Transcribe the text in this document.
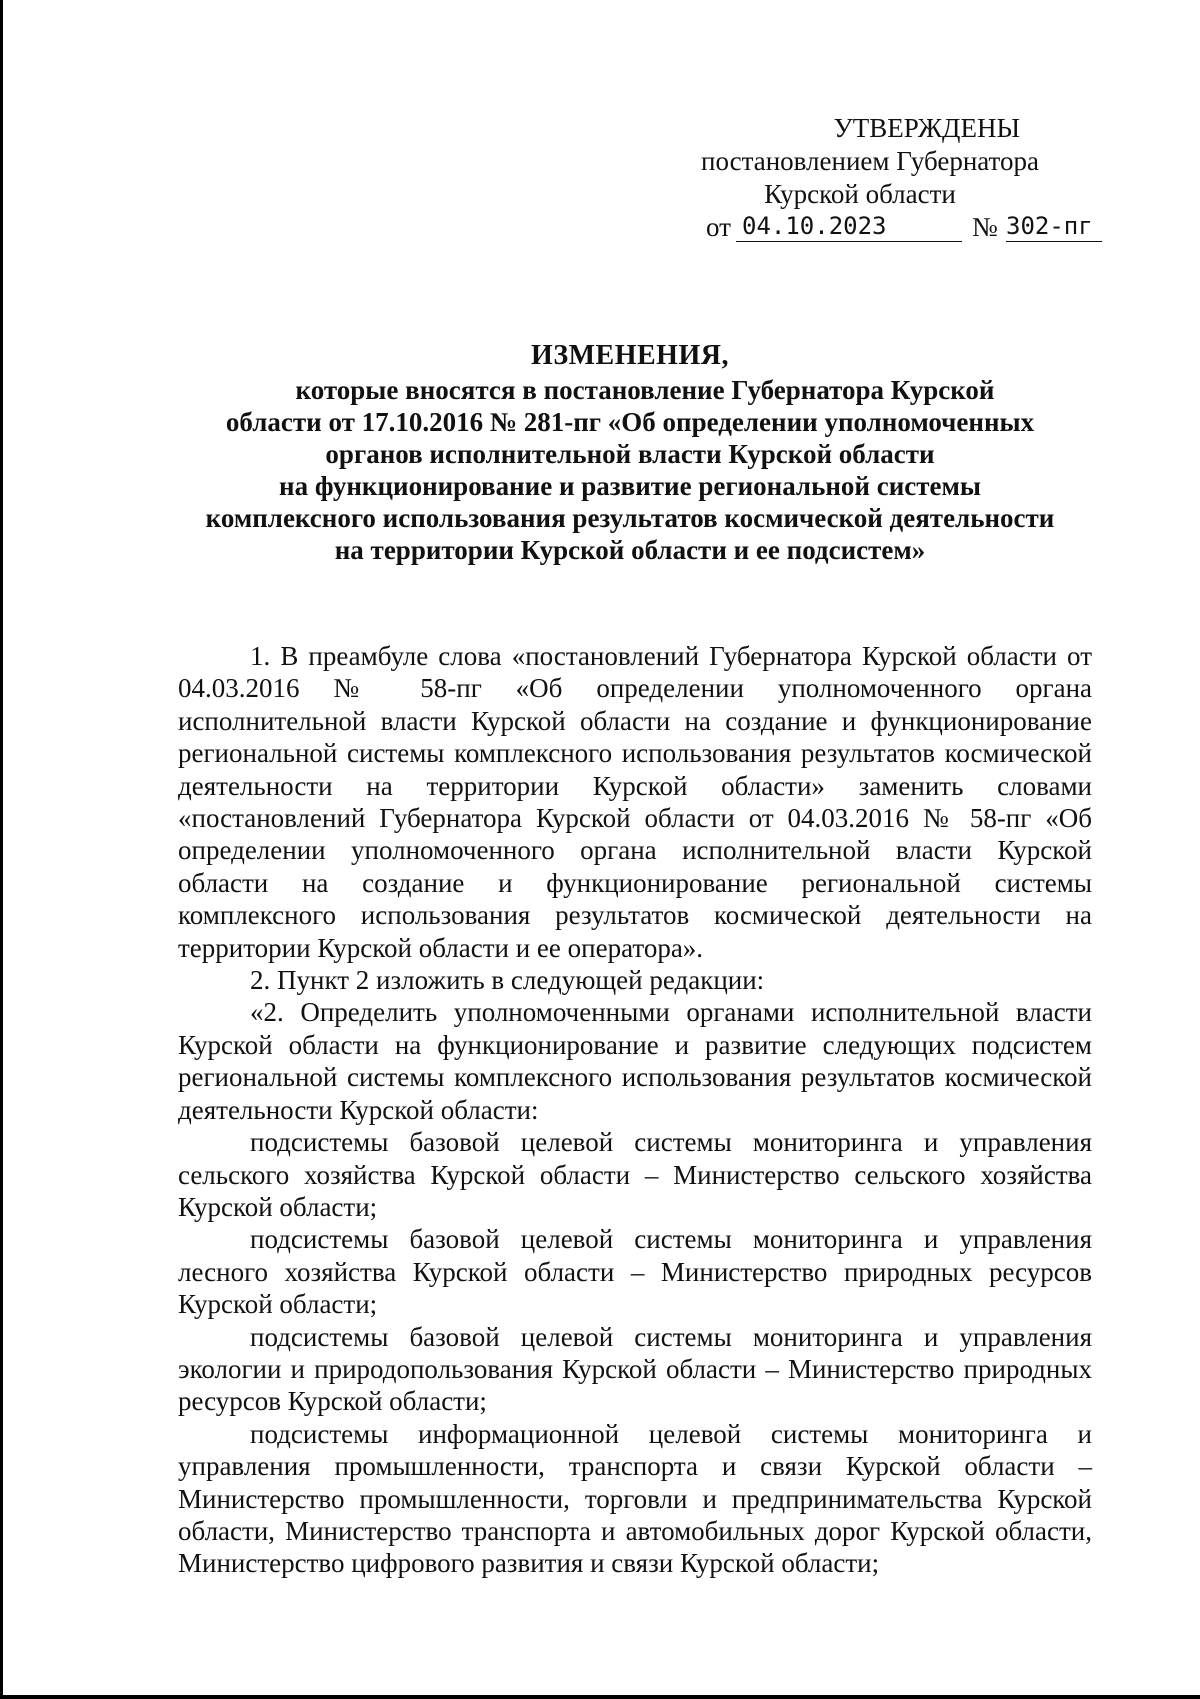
УТВЕРЖДЕНЫ
постановлением Губернатора
Курской области
от 04.10.2023	№ 302-пг
ИЗМЕНЕНИЯ,
которые вносятся в постановление Губернатора Курской
области от 17.10.2016 № 281-пг «Об определении уполномоченных
органов исполнительной власти Курской области
на функционирование и развитие региональной системы
комплексного использования результатов космической деятельности
на территории Курской области и ее подсистем»

1. В преамбуле слова «постановлений Губернатора Курской области от 04.03.2016 № 58-пг «Об определении уполномоченного органа исполнительной власти Курской области на создание и функционирование региональной системы комплексного использования результатов космической деятельности на территории Курской области» заменить словами «постановлений Губернатора Курской области от 04.03.2016 № 58-пг «Об определении уполномоченного органа исполнительной власти Курской области на создание и функционирование региональной системы комплексного использования результатов космической деятельности на территории Курской области и ее оператора».

2. Пункт 2 изложить в следующей редакции:

«2. Определить уполномоченными органами исполнительной власти Курской области на функционирование и развитие следующих подсистем региональной системы комплексного использования результатов космической деятельности Курской области:

подсистемы базовой целевой системы мониторинга и управления сельского хозяйства Курской области – Министерство сельского хозяйства Курской области;

подсистемы базовой целевой системы мониторинга и управления лесного хозяйства Курской области – Министерство природных ресурсов Курской области;

подсистемы базовой целевой системы мониторинга и управления экологии и природопользования Курской области – Министерство природных ресурсов Курской области;

подсистемы информационной целевой системы мониторинга и управления промышленности, транспорта и связи Курской области – Министерство промышленности, торговли и предпринимательства Курской области, Министерство транспорта и автомобильных дорог Курской области, Министерство цифрового развития и связи Курской области;
